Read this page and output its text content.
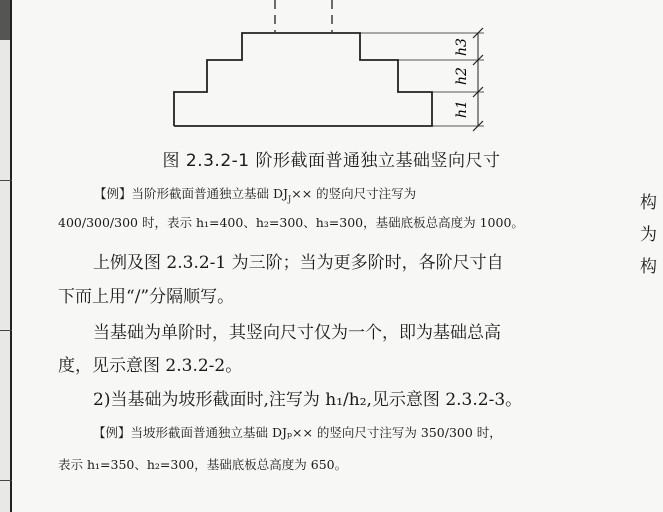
h3
h2
h1
图 2.3.2-1 阶形截面普通独立基础竖向尺寸
【例】当阶形截面普通独立基础 $DJ_J\times\times$ 的竖向尺寸注写为
400/300/300 时，表示 h₁=400、h₂=300、h₃=300，基础底板总高度为 1000。
上例及图 2.3.2-1 为三阶；当为更多阶时，各阶尺寸自
下而上用“/”分隔顺写。
当基础为单阶时，其竖向尺寸仅为一个，即为基础总高
度，见示意图 2.3.2-2。
2)当基础为坡形截面时,注写为 h₁/h₂,见示意图 2.3.2-3。
【例】当坡形截面普通独立基础 DJₚ×× 的竖向尺寸注写为 350/300 时，
表示 h₁=350、h₂=300，基础底板总高度为 650。
构
为
构
